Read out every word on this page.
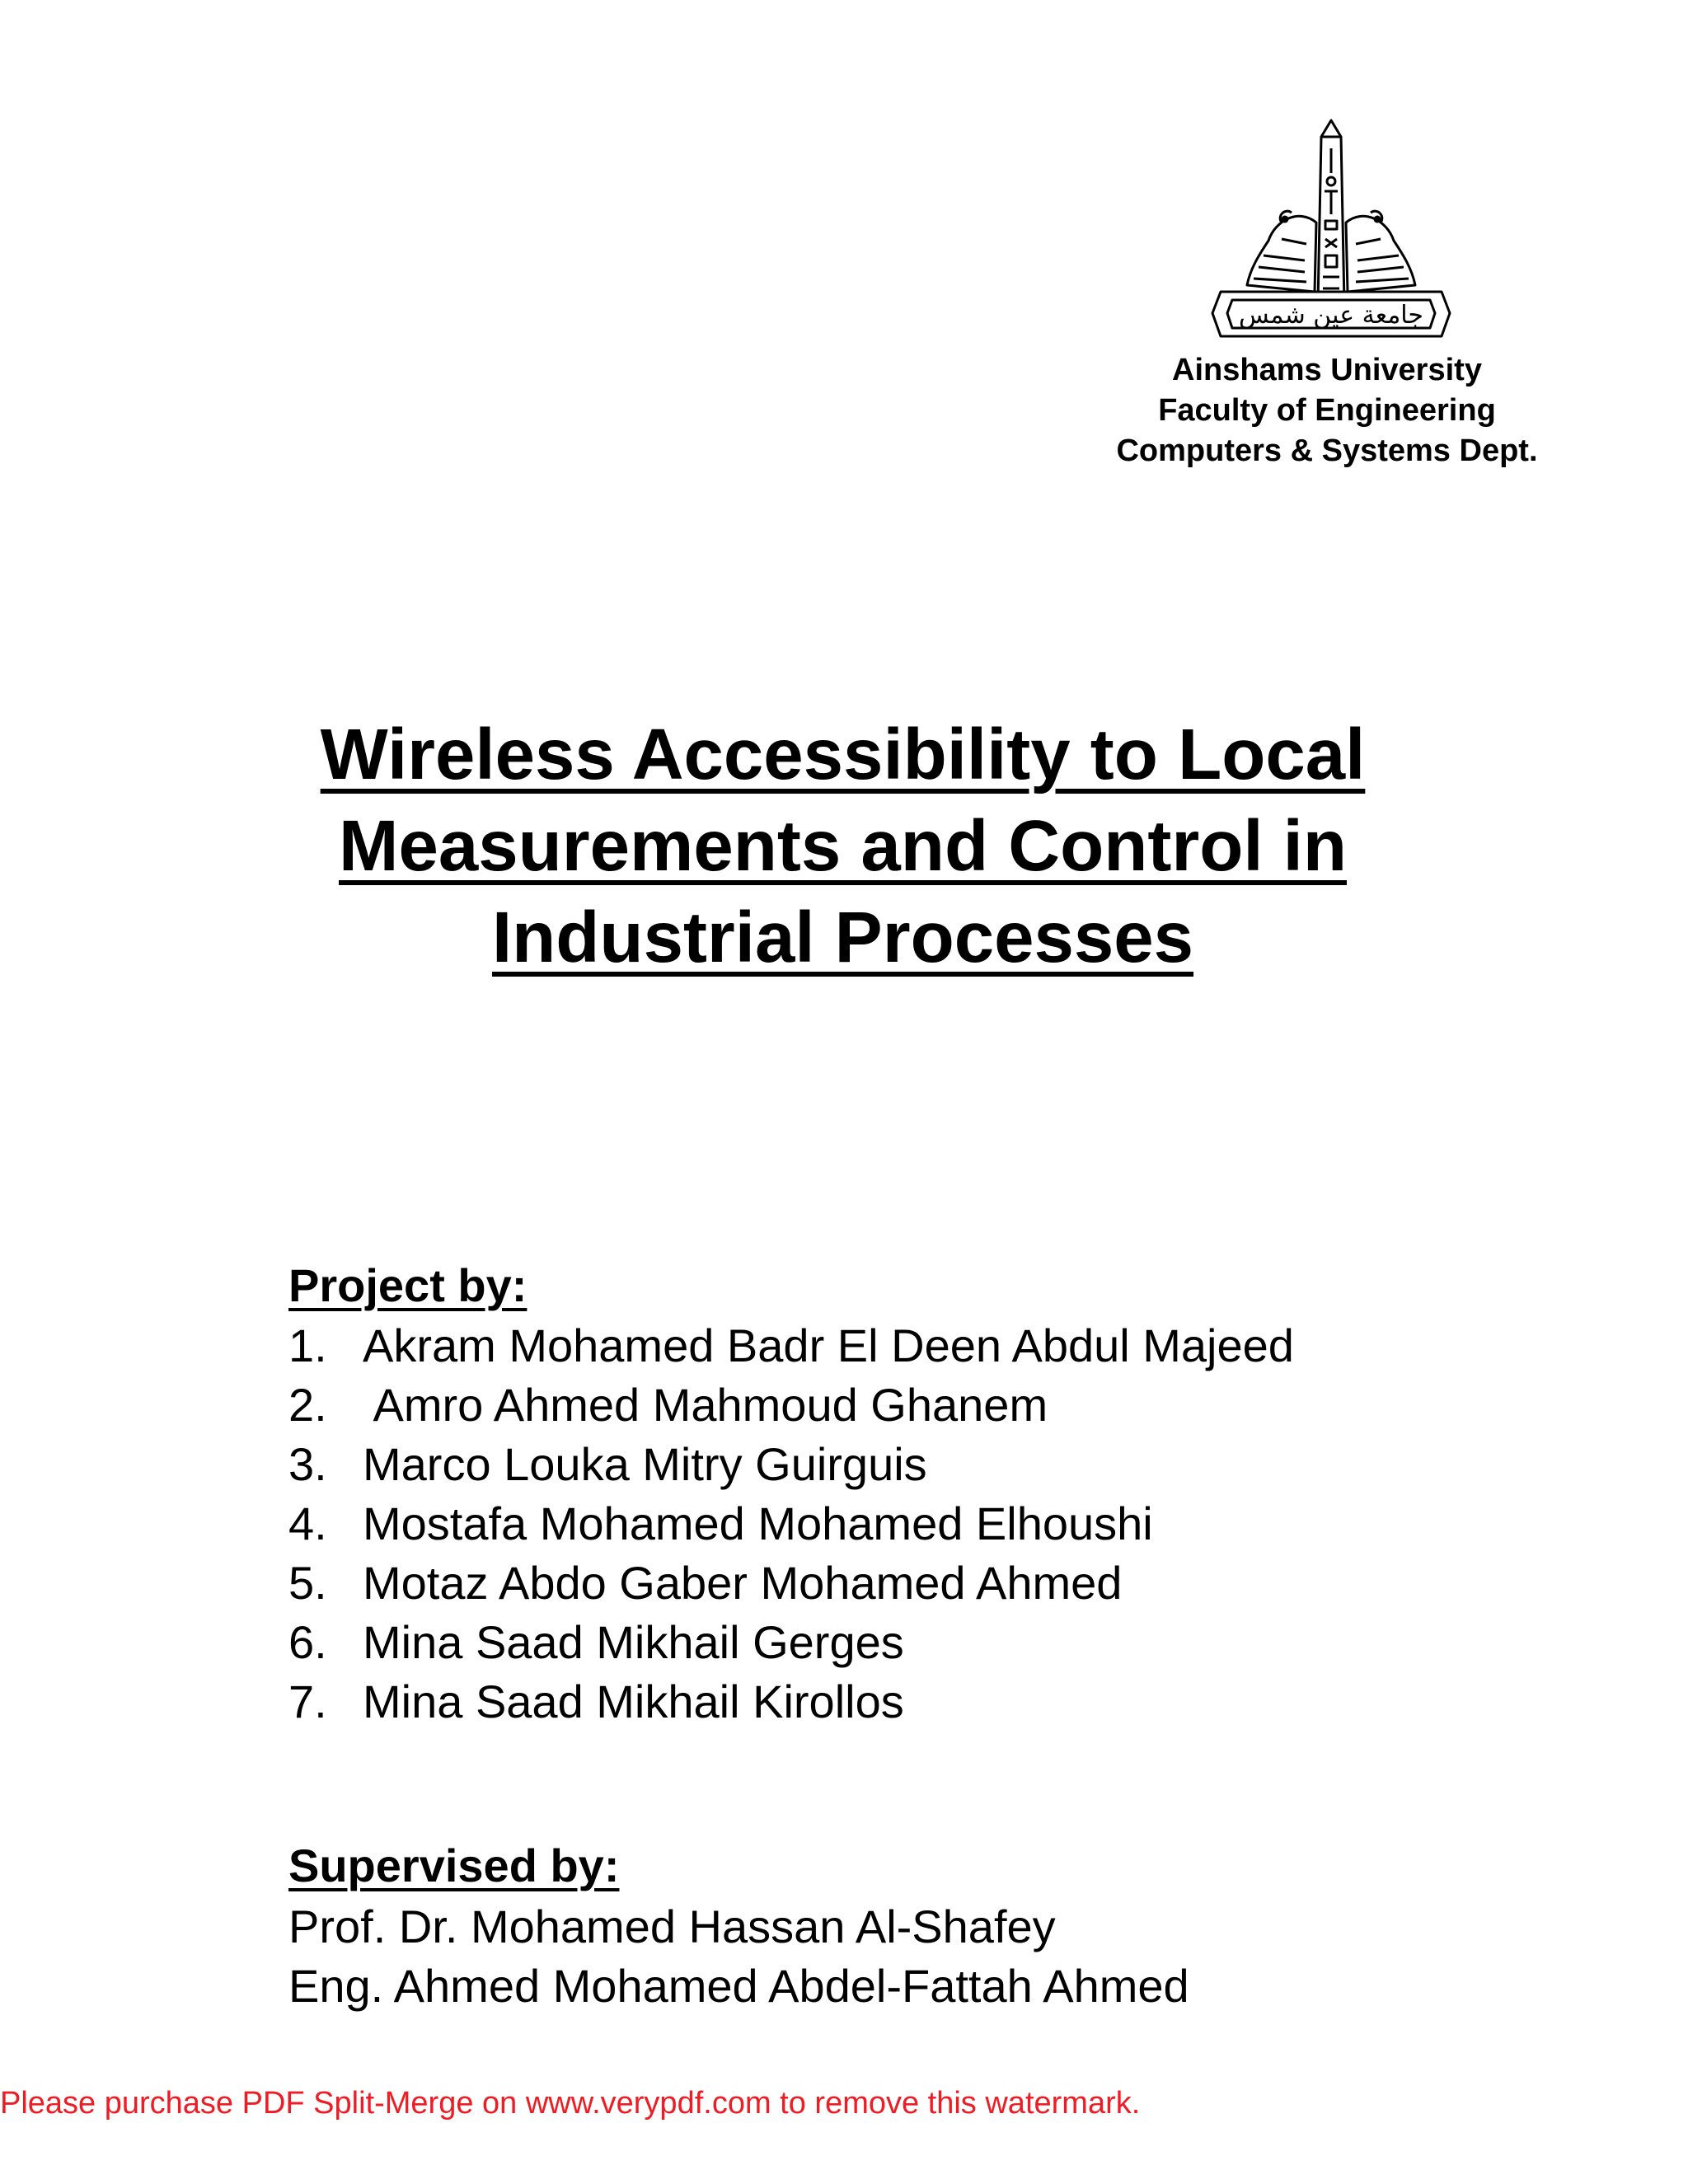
جامعة عين شمس
Ainshams University
Faculty of Engineering
Computers & Systems Dept.
Wireless Accessibility to Local
Measurements and Control in
Industrial Processes
Project by:
1. Akram Mohamed Badr El Deen Abdul Majeed
2. Amro Ahmed Mahmoud Ghanem
3. Marco Louka Mitry Guirguis
4. Mostafa Mohamed Mohamed Elhoushi
5. Motaz Abdo Gaber Mohamed Ahmed
6. Mina Saad Mikhail Gerges
7. Mina Saad Mikhail Kirollos
Supervised by:
Prof. Dr. Mohamed Hassan Al-Shafey
Eng. Ahmed Mohamed Abdel-Fattah Ahmed
Please purchase PDF Split-Merge on www.verypdf.com to remove this watermark.
